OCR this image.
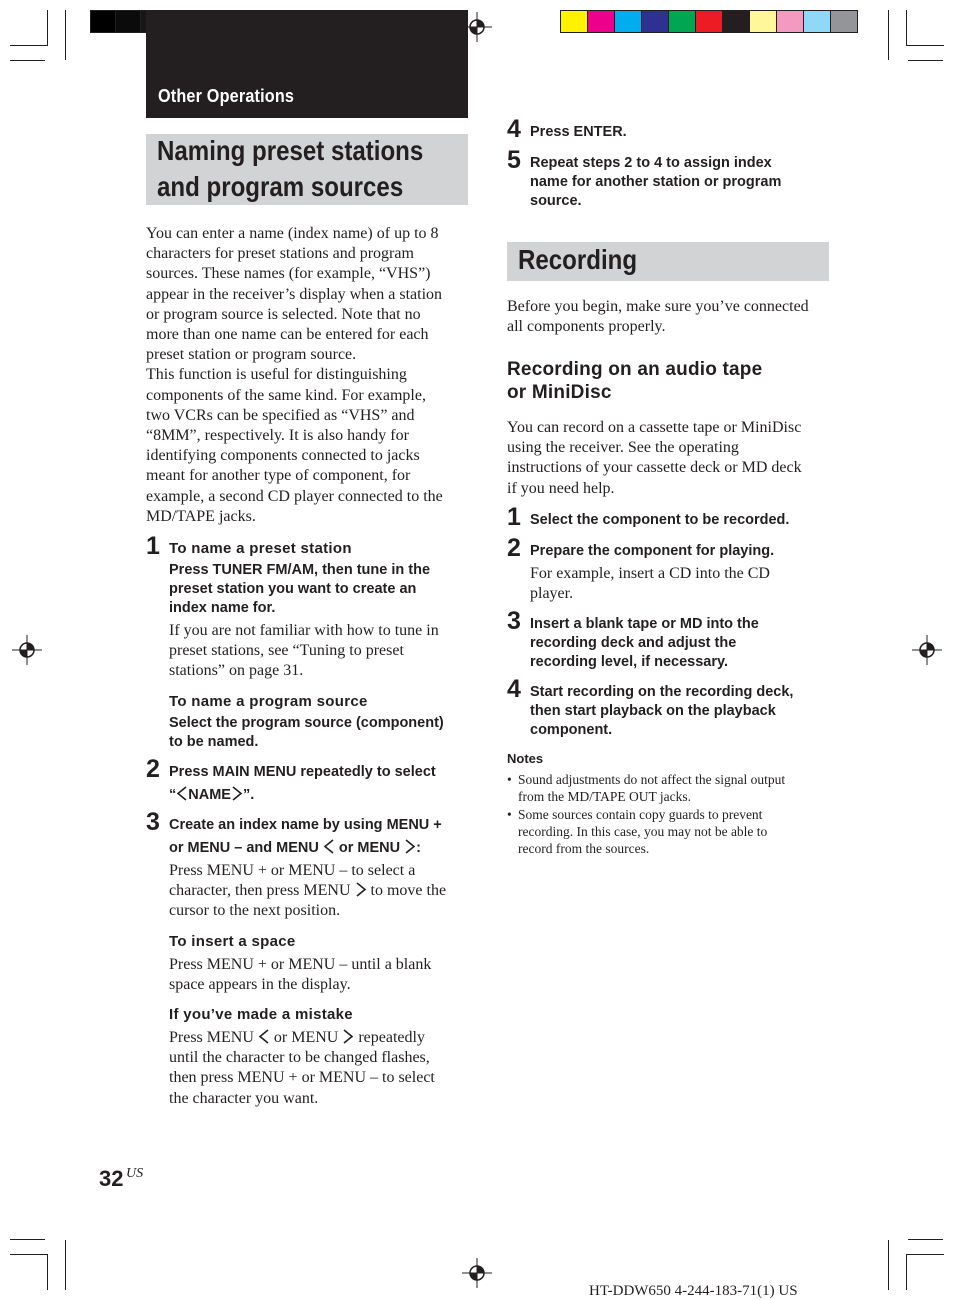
Other Operations
Naming preset stations
and program sources
You can enter a name (index name) of up to 8
characters for preset stations and program
sources. These names (for example, “VHS”)
appear in the receiver’s display when a station
or program source is selected. Note that no
more than one name can be entered for each
preset station or program source.
This function is useful for distinguishing
components of the same kind. For example,
two VCRs can be specified as “VHS” and
“8MM”, respectively. It is also handy for
identifying components connected to jacks
meant for another type of component, for
example, a second CD player connected to the
MD/TAPE jacks.
1 To name a preset station
Press TUNER FM/AM, then tune in the
preset station you want to create an
index name for.
If you are not familiar with how to tune in
preset stations, see “Tuning to preset
stations” on page 31.
To name a program source
Select the program source (component)
to be named.
2 Press MAIN MENU repeatedly to select
“ NAME ”.
3 Create an index name by using MENU +
or MENU – and MENU or MENU :
Press MENU + or MENU – to select a
character, then press MENU to move the
cursor to the next position.
To insert a space
Press MENU + or MENU – until a blank
space appears in the display.
If you’ve made a mistake
Press MENU or MENU repeatedly
until the character to be changed flashes,
then press MENU + or MENU – to select
the character you want.
4 Press ENTER.
5 Repeat steps 2 to 4 to assign index
name for another station or program
source.
Recording
Before you begin, make sure you’ve connected
all components properly.
Recording on an audio tape
or MiniDisc
You can record on a cassette tape or MiniDisc
using the receiver. See the operating
instructions of your cassette deck or MD deck
if you need help.
1 Select the component to be recorded.
2 Prepare the component for playing.
For example, insert a CD into the CD
player.
3 Insert a blank tape or MD into the
recording deck and adjust the
recording level, if necessary.
4 Start recording on the recording deck,
then start playback on the playback
component.
Notes
• Sound adjustments do not affect the signal output
from the MD/TAPE OUT jacks.
• Some sources contain copy guards to prevent
recording. In this case, you may not be able to
record from the sources.
32 US
HT-DDW650 4-244-183-71(1) US
